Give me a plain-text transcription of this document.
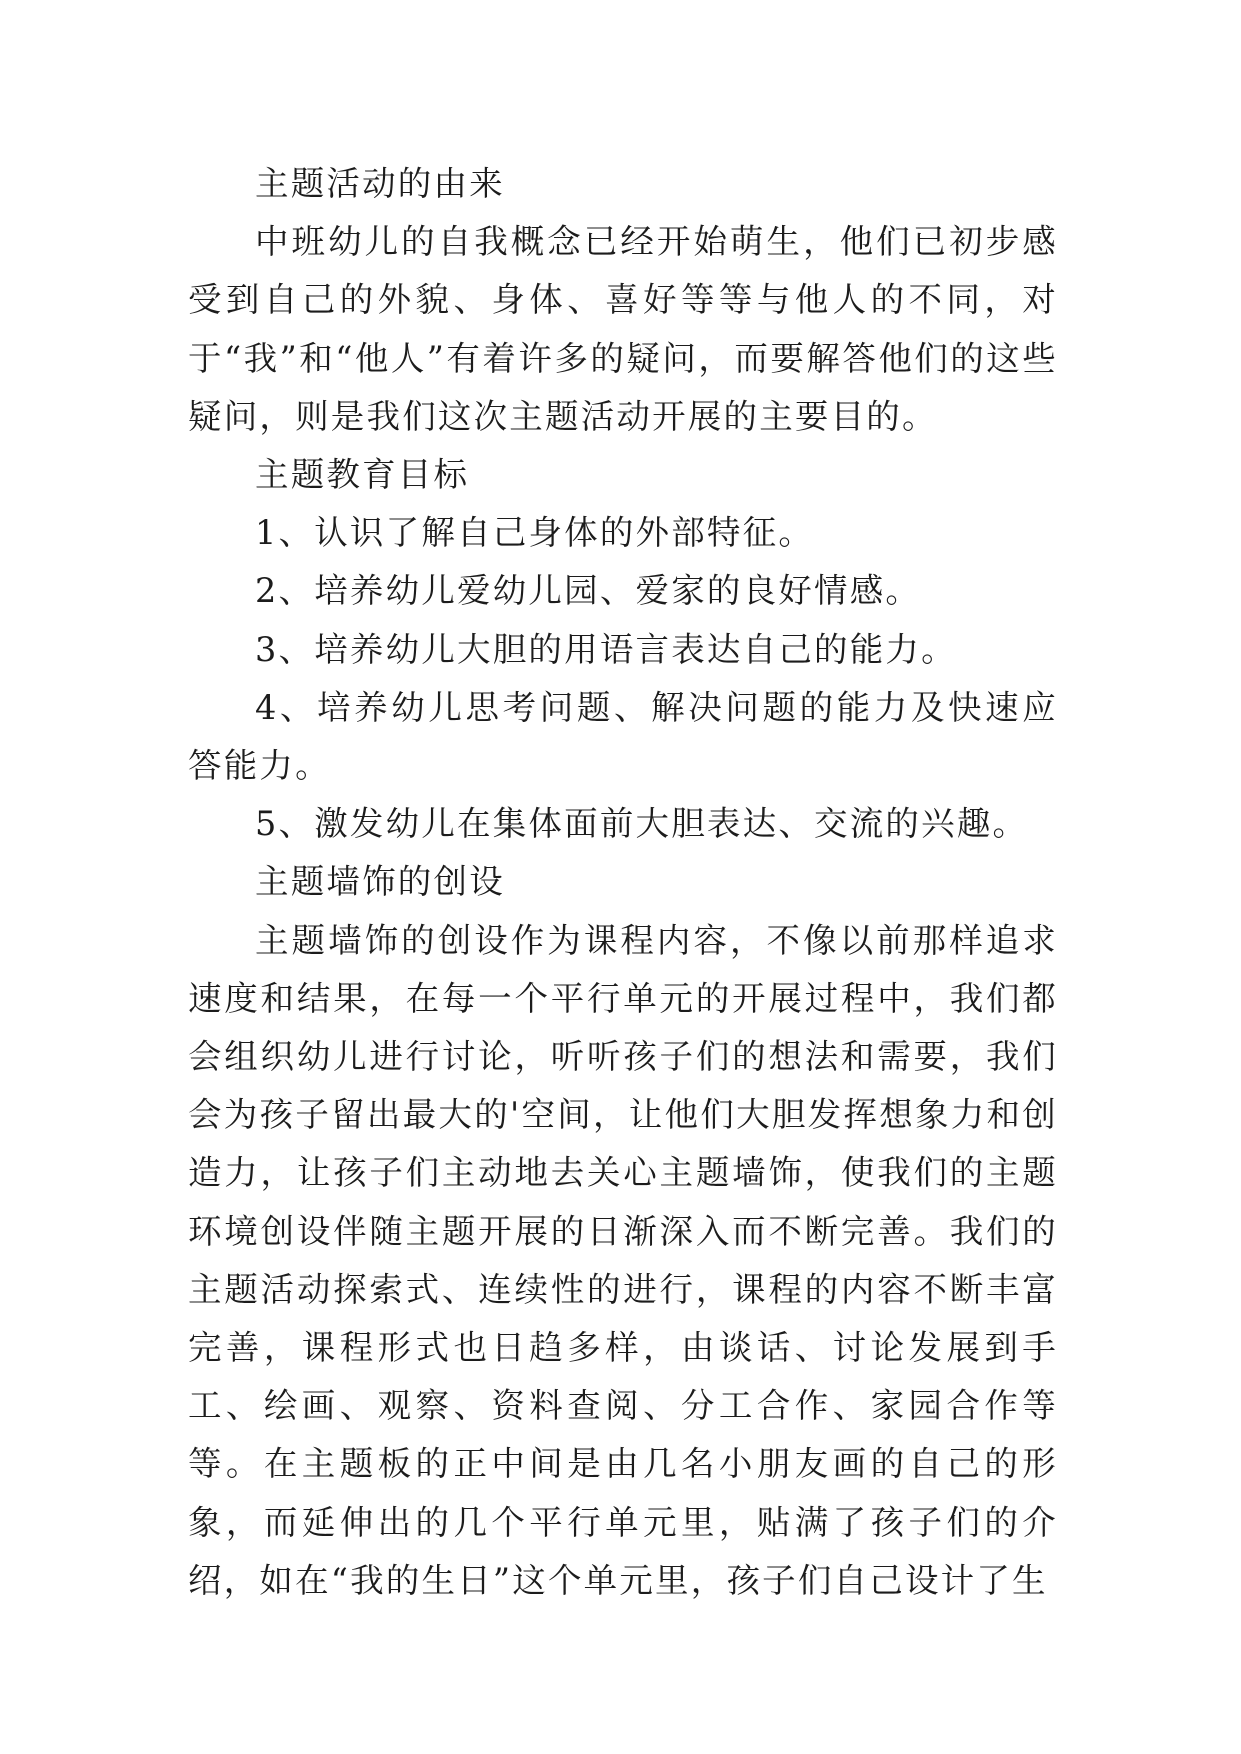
主题活动的由来

中班幼儿的自我概念已经开始萌生，他们已初步感受到自己的外貌、身体、喜好等等与他人的不同，对于“我”和“他人”有着许多的疑问，而要解答他们的这些疑问，则是我们这次主题活动开展的主要目的。

主题教育目标

1、认识了解自己身体的外部特征。

2、培养幼儿爱幼儿园、爱家的良好情感。

3、培养幼儿大胆的用语言表达自己的能力。

4、培养幼儿思考问题、解决问题的能力及快速应答能力。

5、激发幼儿在集体面前大胆表达、交流的兴趣。

主题墙饰的创设

主题墙饰的创设作为课程内容，不像以前那样追求速度和结果，在每一个平行单元的开展过程中，我们都会组织幼儿进行讨论，听听孩子们的想法和需要，我们会为孩子留出最大的'空间，让他们大胆发挥想象力和创造力，让孩子们主动地去关心主题墙饰，使我们的主题环境创设伴随主题开展的日渐深入而不断完善。我们的主题活动探索式、连续性的进行，课程的内容不断丰富完善，课程形式也日趋多样，由谈话、讨论发展到手工、绘画、观察、资料查阅、分工合作、家园合作等等。在主题板的正中间是由几名小朋友画的自己的形象，而延伸出的几个平行单元里，贴满了孩子们的介绍，如在“我的生日”这个单元里，孩子们自己设计了生
